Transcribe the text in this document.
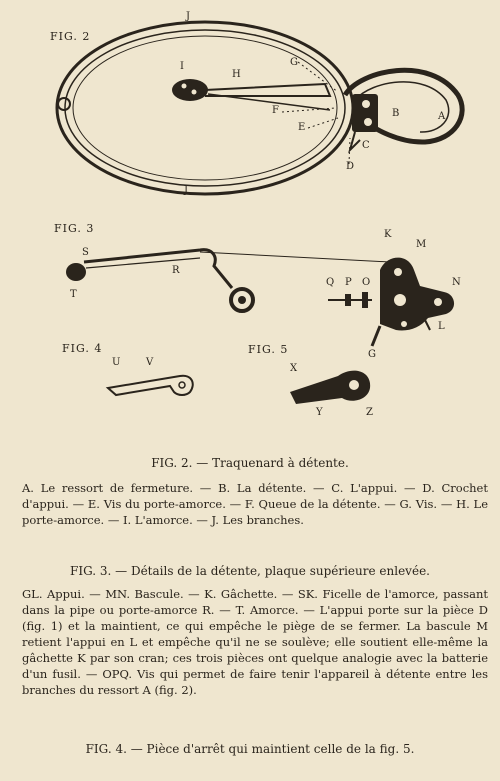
FIG. 2
FIG. 3
FIG. 4	FIG. 5
J
J
I
H
G
F
E
B	A
C
D
S
T
R
K
M
Q P O	N
L
G
U	V
X
Y	Z
FIG. 2. — Traquenard à détente.
A. Le ressort de fermeture. — B. La détente. — C. L'appui. — D. Crochet d'appui. — E. Vis du porte-amorce. — F. Queue de la détente. — G. Vis. — H. Le porte-amorce. — I. L'amorce. — J. Les branches.
FIG. 3. — Détails de la détente, plaque supérieure enlevée.
GL. Appui. — MN. Bascule. — K. Gâchette. — SK. Ficelle de l'amorce, passant dans la pipe ou porte-amorce R. — T. Amorce. — L'appui porte sur la pièce D (fig. 1) et la maintient, ce qui empêche le piège de se fermer. La bascule M retient l'appui en L et empêche qu'il ne se soulève; elle soutient elle-même la gâchette K par son cran; ces trois pièces ont quelque analogie avec la batterie d'un fusil. — OPQ. Vis qui permet de faire tenir l'appareil à détente entre les branches du ressort A (fig. 2).
FIG. 4. — Pièce d'arrêt qui maintient celle de la fig. 5.
